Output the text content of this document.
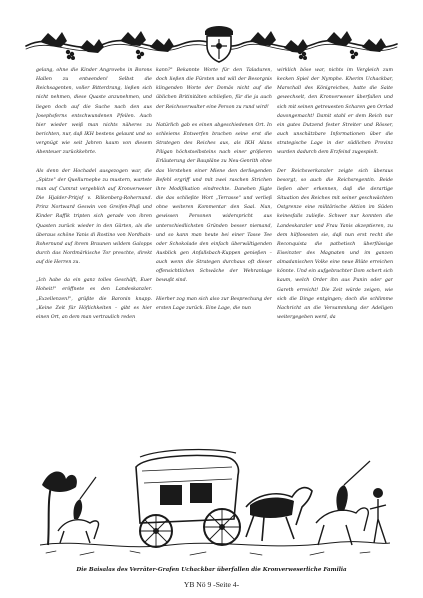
gelang, ohne die Kinder Angrovehs in Borons Hallen zu entwenden! Selbst die Reichsagenten, voller Bitterdrang, ließen sich nicht nehmen, diese Quaste anzunehmen, und liegen doch auf die Suche nach den aus Josephsferns entschwundenen Pfeilen. Auch hier wieder weiß man nichts näheres zu berichten, nur, daß IKH bestens gelaunt und so vergnügt wie seit Jahren kaum von diesem Abenteuer zurückkehrte.

Als denn der Hochadel ausgezogen war, die „Spitze" der Quellurnephe zu mustern, wartete man auf Cumrat vergeblich auf Kronverweser Die Hjalder-Pritjof v. Rilkenberg-Rohernund. Prinz Nortward Geswin von Greifen-Pluß und Kinder Raffik tripten sich gerade von ihren Quasten zurück wieder in den Gärten, als die überaus schöne Yanis di Rostino von Nordhain-Rohernund auf ihrem Braunen wildem Galopps durch das Nordmärkische Tor preschte, direkt auf die Herren zu.

„Ich habe da ein ganz tolles Geschäft, Euer Hoheit!" eröffnete es den Landeskanzler. „Exzellenzen!", grüßte die Baronin knapp. „Keine Zeit für Höflichkeiten – gibt es hier einen Ort, an dem man vertraulich reden

kann?" Bekannte Worte für den Taladuren, doch ließen die Fürsten und will der Besorgnis klingenden Worte der Domäs nicht auf die üblichen Britinitäten schließen, für die ja auch der Reichsverwalter eine Person zu rund wird!

Natürlich gab es einen abgeschiedenen Ort. In schleiems Entwerfen brachen seine erst die Strategen des Reiches aus, als IKH Alans Piligan höchstselbsteins nach einer größeren Erläuterung der Baupläne zu Neu-Genrith ohne das Verstehen einer Miene den derliegenden Befehl ergriff und mit zwei raschen Strichen ihre Modifikation eindrechte. Danehen fügte die das schließte Wort „Terrasse" und verließ ohne weiteren Kommentar den Saal. Nun, gewissen Personen widerspricht aus unterschiedlichsten Gründen besser niemand, und so kann man heute bei einer Tasse Tee oder Schokolade den einfach überwältigenden Ausblick gen Anfallsbach-Kuppen genießen – auch wenn die Strategen durchaus oft dieser offensichtlichen Schwäche der Wehranlage bewußt sind.

Hierher zog man sich also zur Besprechung der ersten Lage zurück. Eine Lage, die nun

wirklich böse war, nichts im Vergleich zum kecken Spiel der Nymphe. Kherim Uchackbar, Marschall des Königreiches, hatte die Saite gewechselt, den Kronverweser überfallen und sich mit seinen getreuesten Scharen gen Orrlad davongemacht! Damit stahl er dem Reich nur ein gutes Dutzend fester Streiter und Rösser, auch unschätzbare Informationen über die strategische Lage in der südlichen Provinz wurden dadurch dem Erzfeind zugespielt.

Der Reichsverkanzler zeigte sich überaus besorgt, so auch die Reichsregentin. Beide ließen aber erkennen, daß die derartige Situation des Reiches mit seiner geschwächten Ostgrenze eine militärische Aktion im Süden keinesfalls zuließe. Schwer nur konnten die Landeskanzler und Frau Yanis akzeptieren, zu dem hilflosesten sie, daß nun erst recht die Reconquista die pathetisch überflüssige Eiseinzter des Magnaten und im ganzen almadanischen Volke eine neue Blüte erreichen könnte. Und ein aufgebrachter Dom schert sich kaum, welch Order ihn aus Punin oder gar Gareth erreicht! Die Zeit würde zeigen, wie sich die Dinge entgingen; doch die schlimme Nachricht an die Versammlung der Adeligen weitergegeben werd, da

Die Baisalas des Verräter-Grafen Uchackbar überfallen die Kronverweserliche Familia
YB Nö 9 -Seite 4-
